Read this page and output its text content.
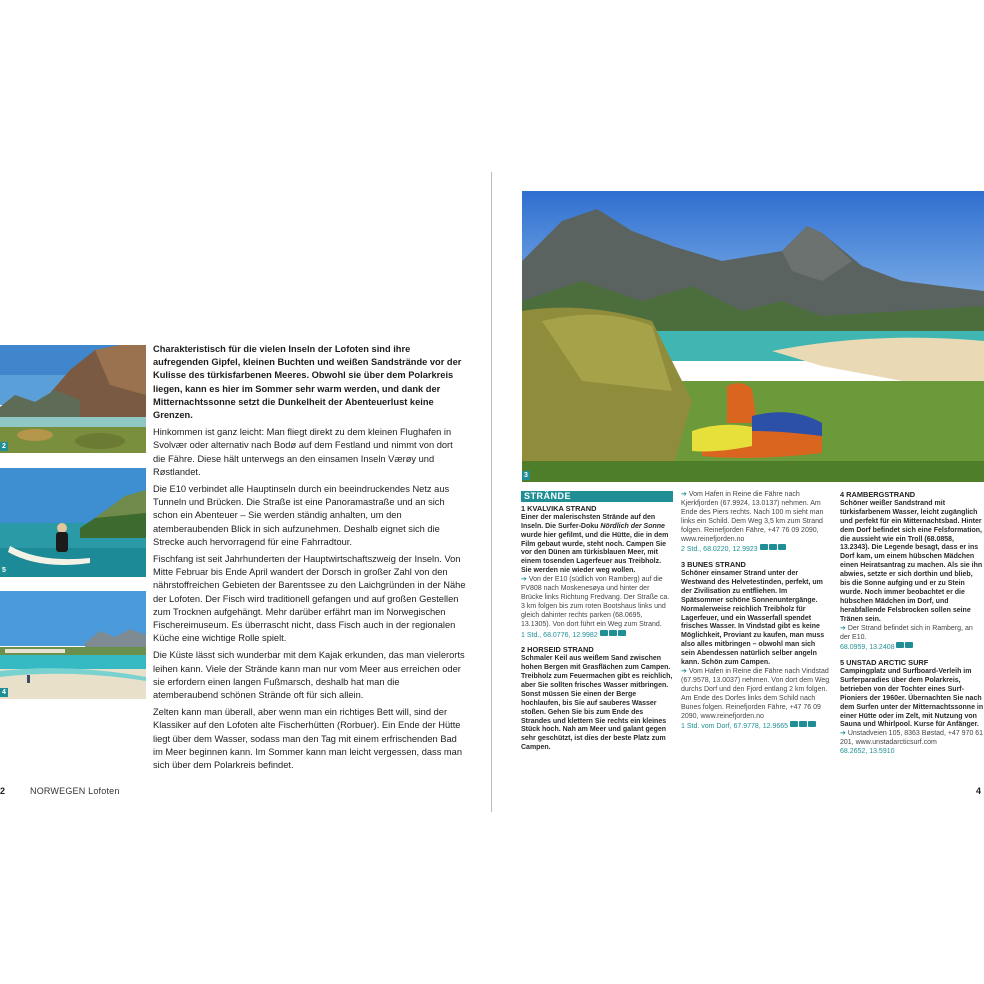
2
5
4

Charakteristisch für die vielen Inseln der Lofoten sind ihre aufregenden Gipfel, kleinen Buchten und weißen Sandstrände vor der Kulisse des türkisfarbenen Meeres. Obwohl sie über dem Polarkreis liegen, kann es hier im Sommer sehr warm werden, und dank der Mitternachtssonne setzt die Dunkelheit der Abenteuerlust keine Grenzen.

Hinkommen ist ganz leicht: Man fliegt direkt zu dem kleinen Flughafen in Svolvær oder alternativ nach Bodø auf dem Festland und nimmt von dort die Fähre. Diese hält unterwegs an den einsamen Inseln Værøy und Røstlandet.

Die E10 verbindet alle Hauptinseln durch ein beeindruckendes Netz aus Tunneln und Brücken. Die Straße ist eine Panoramastraße und an sich schon ein Abenteuer – Sie werden ständig anhalten, um den atemberaubenden Blick in sich aufzunehmen. Deshalb eignet sich die Strecke auch hervorragend für eine Fahrradtour.

Fischfang ist seit Jahrhunderten der Hauptwirtschaftszweig der Inseln. Von Mitte Februar bis Ende April wandert der Dorsch in großer Zahl von den nährstoffreichen Gebieten der Barentssee zu den Laichgründen in der Nähe der Lofoten. Der Fisch wird traditionell gefangen und auf großen Gestellen zum Trocknen aufgehängt. Mehr darüber erfährt man im Norwegischen Fischereimuseum. Es überrascht nicht, dass Fisch auch in der regionalen Küche eine wichtige Rolle spielt.

Die Küste lässt sich wunderbar mit dem Kajak erkunden, das man vielerorts leihen kann. Viele der Strände kann man nur vom Meer aus erreichen oder sie erfordern einen langen Fußmarsch, deshalb hat man die atemberaubend schönen Strände oft für sich allein.

Zelten kann man überall, aber wenn man ein richtiges Bett will, sind der Klassiker auf den Lofoten alte Fischerhütten (Rorbuer). Ein Ende der Hütte liegt über dem Wasser, sodass man den Tag mit einem erfrischenden Bad im Meer beginnen kann. Im Sommer kann man leicht vergessen, dass man sich über dem Polarkreis befindet.

2	NORWEGEN Lofoten
3
STRÄNDE

1 KVALVIKA STRAND

Einer der malerischsten Strände auf den Inseln. Die Surfer-Doku Nördlich der Sonne wurde hier gefilmt, und die Hütte, die in dem Film gebaut wurde, steht noch. Campen Sie vor den Dünen am türkisblauen Meer, mit einem tosenden Lagerfeuer aus Treibholz. Sie werden nie wieder weg wollen.

➔ Von der E10 (südlich von Ramberg) auf die FV808 nach Moskenesøya und hinter der Brücke links Richtung Fredvang. Der Straße ca. 3 km folgen bis zum roten Bootshaus links und gleich dahinter rechts parken (68.0695, 13.1305). Von dort führt ein Weg zum Strand.

1 Std., 68.0776, 12.9982

2 HORSEID STRAND

Schmaler Keil aus weißem Sand zwischen hohen Bergen mit Grasflächen zum Campen. Treibholz zum Feuermachen gibt es reichlich, aber Sie sollten frisches Wasser mitbringen. Sonst müssen Sie einen der Berge hochlaufen, bis Sie auf sauberes Wasser stoßen. Gehen Sie bis zum Ende des Strandes und klettern Sie rechts ein kleines Stück hoch. Nah am Meer und galant gegen sehr geschützt, ist dies der beste Platz zum Campen.

➔ Vom Hafen in Reine die Fähre nach Kjerkfjorden (67.9924, 13.0137) nehmen. Am Ende des Piers rechts. Nach 100 m sieht man links ein Schild. Dem Weg 3,5 km zum Strand folgen. Reinefjorden Fähre, +47 76 09 2090, www.reinefjorden.no

2 Std., 68.0220, 12.9923

3 BUNES STRAND

Schöner einsamer Strand unter der Westwand des Helvetestinden, perfekt, um der Zivilisation zu entfliehen. Im Spätsommer schöne Sonnenuntergänge. Normalerweise reichlich Treibholz für Lagerfeuer, und ein Wasserfall spendet frisches Wasser. In Vindstad gibt es keine Möglichkeit, Proviant zu kaufen, man muss also alles mitbringen – obwohl man sich sein Abendessen natürlich selber angeln kann. Schön zum Campen.

➔ Vom Hafen in Reine die Fähre nach Vindstad (67.9578, 13.0037) nehmen. Von dort dem Weg durchs Dorf und den Fjord entlang 2 km folgen. Am Ende des Dorfes links dem Schild nach Bunes folgen. Reinefjorden Fähre, +47 76 09 2090, www.reinefjorden.no

1 Std. vom Dorf, 67.9778, 12.9665

4 RAMBERGSTRAND

Schöner weißer Sandstrand mit türkisfarbenem Wasser, leicht zugänglich und perfekt für ein Mitternachtsbad. Hinter dem Dorf befindet sich eine Felsformation, die aussieht wie ein Troll (68.0858, 13.2343). Die Legende besagt, dass er ins Dorf kam, um einem hübschen Mädchen einen Heiratsantrag zu machen. Als sie ihn abwies, setzte er sich dorthin und blieb, bis die Sonne aufging und er zu Stein wurde. Noch immer beobachtet er die hübschen Mädchen im Dorf, und herabfallende Felsbrocken sollen seine Tränen sein.

➔ Der Strand befindet sich in Ramberg, an der E10.

68.0959, 13.2408

5 UNSTAD ARCTIC SURF

Campingplatz und Surfboard-Verleih im Surferparadies über dem Polarkreis, betrieben von der Tochter eines Surf-Pioniers der 1960er. Übernachten Sie nach dem Surfen unter der Mitternachtssonne in einer Hütte oder im Zelt, mit Nutzung von Sauna und Whirlpool. Kurse für Anfänger.

➔ Unstadveien 105, 8363 Bøstad, +47 970 61 201, www.unstadarcticsurf.com

68.2652, 13.5910

4
